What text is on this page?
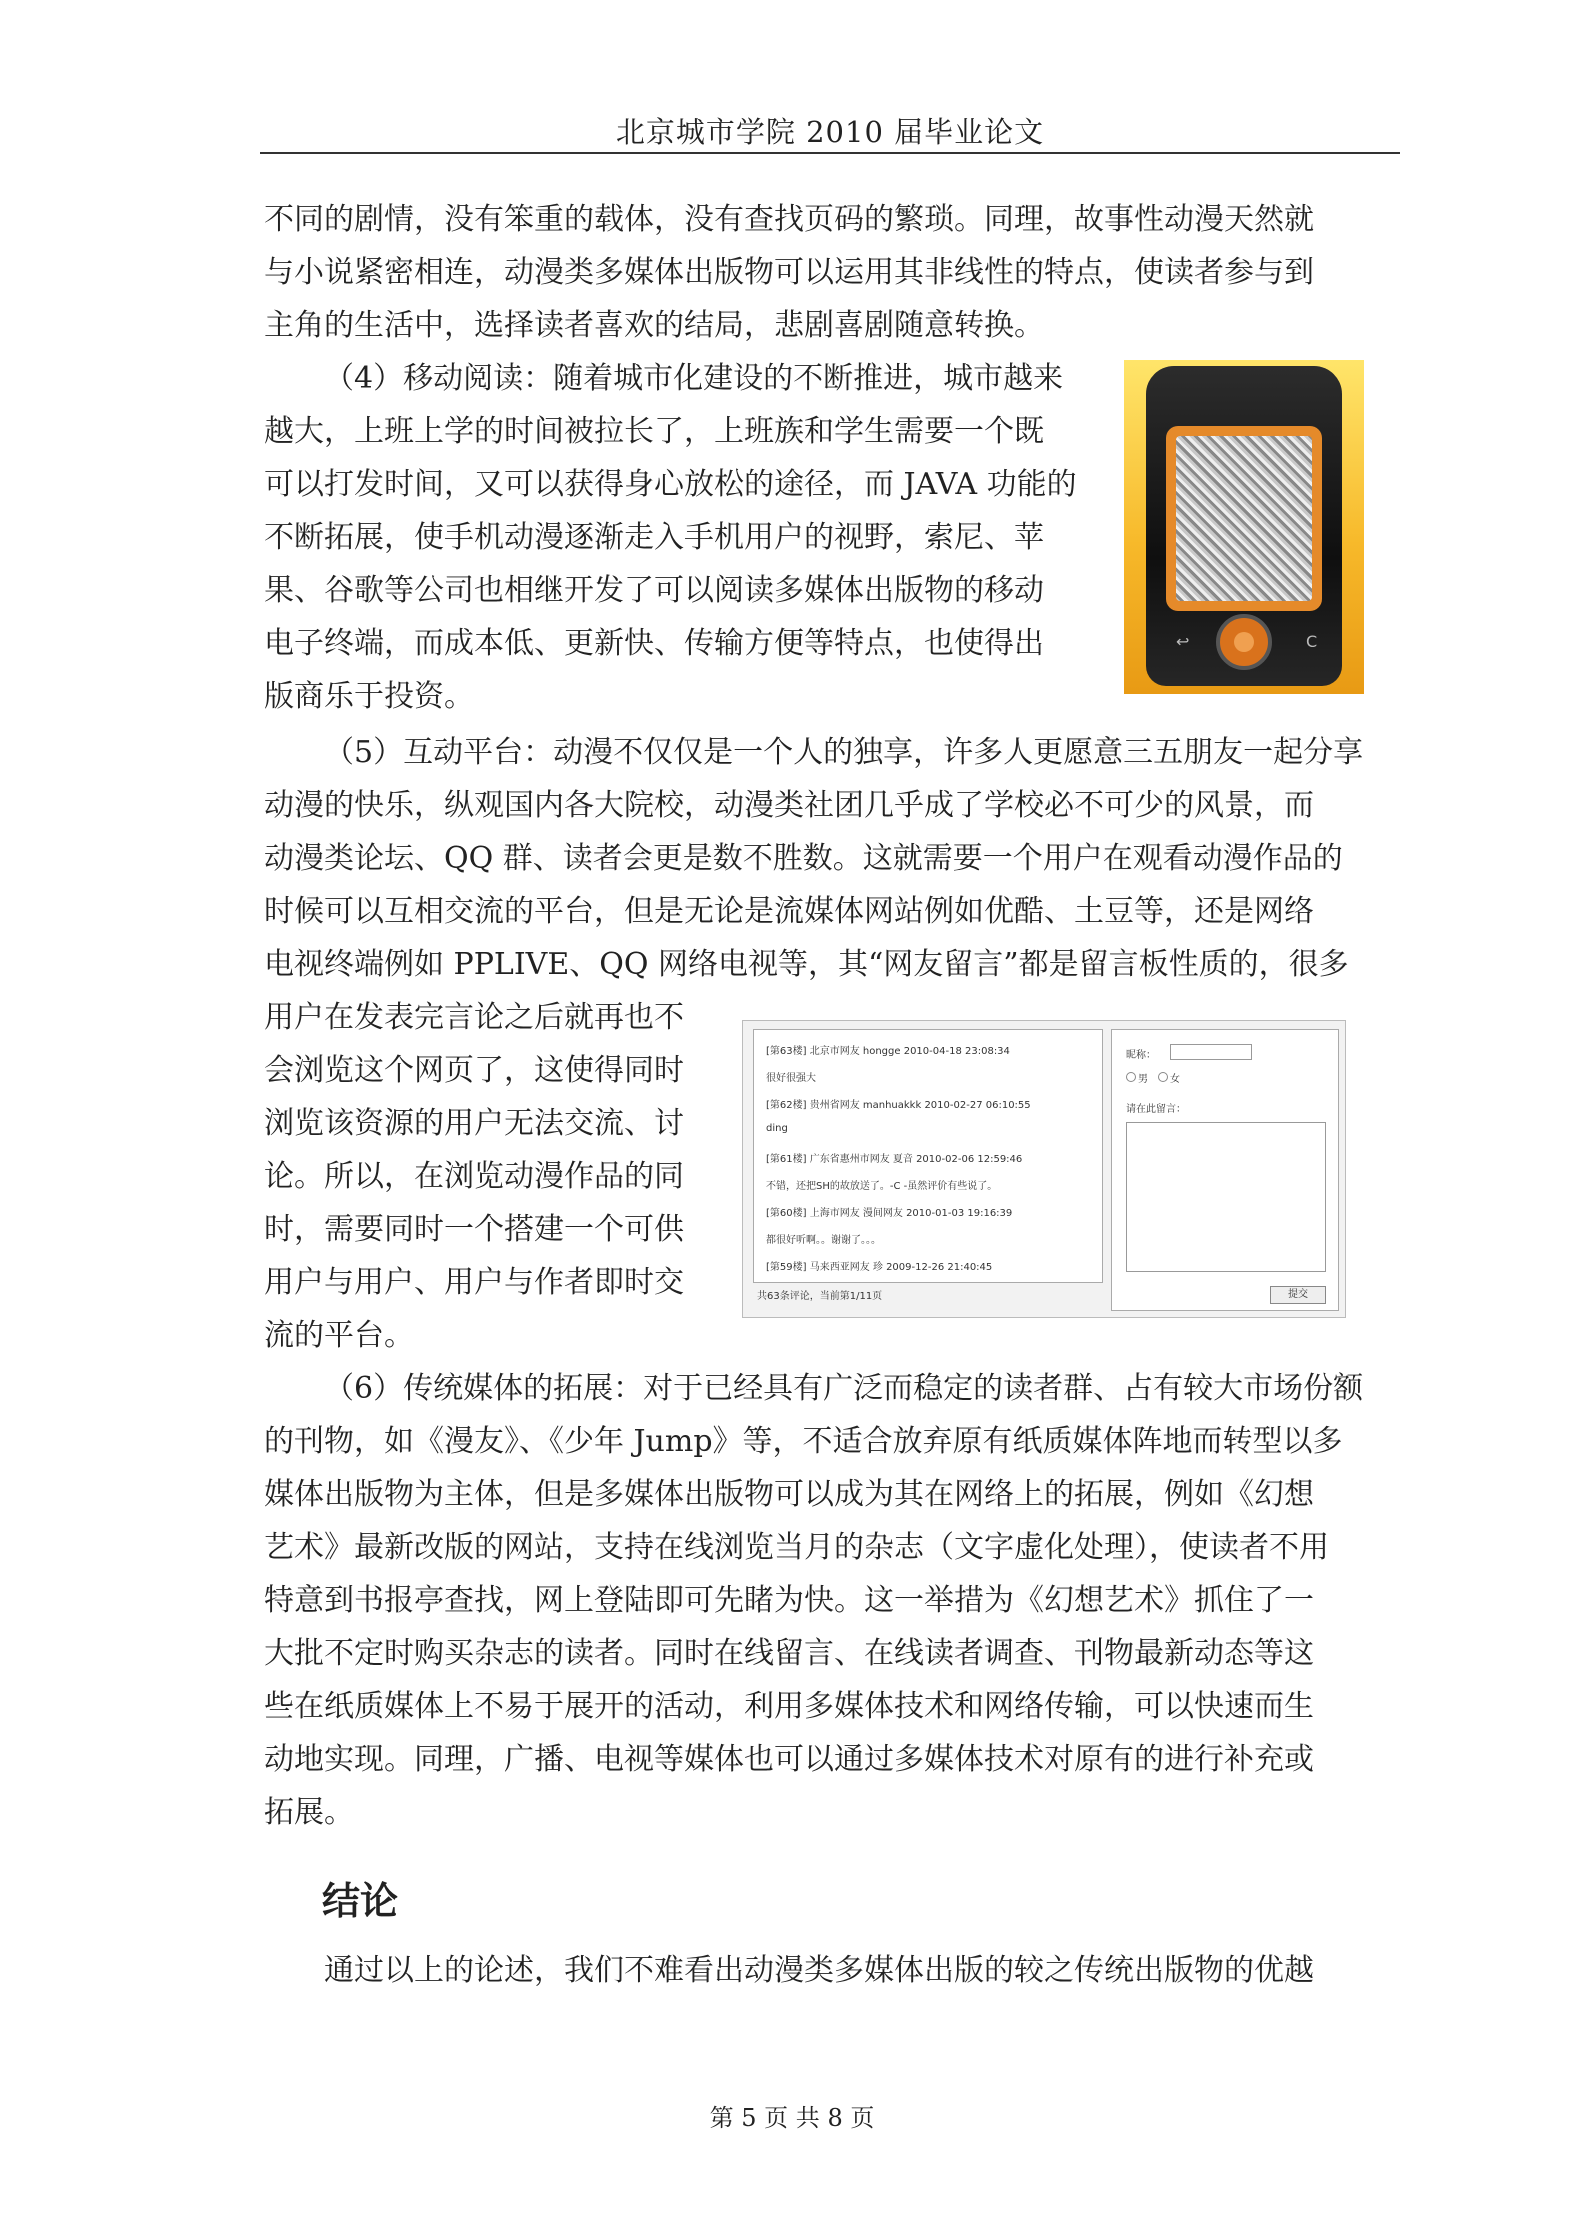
北京城市学院 2010 届毕业论文

不同的剧情，没有笨重的载体，没有查找页码的繁琐。同理，故事性动漫天然就
与小说紧密相连，动漫类多媒体出版物可以运用其非线性的特点，使读者参与到
主角的生活中，选择读者喜欢的结局，悲剧喜剧随意转换。

（4）移动阅读：随着城市化建设的不断推进，城市越来
越大，上班上学的时间被拉长了，上班族和学生需要一个既
可以打发时间，又可以获得身心放松的途径，而 JAVA 功能的
不断拓展，使手机动漫逐渐走入手机用户的视野，索尼、苹
果、谷歌等公司也相继开发了可以阅读多媒体出版物的移动
电子终端，而成本低、更新快、传输方便等特点，也使得出
版商乐于投资。

↩	C

（5）互动平台：动漫不仅仅是一个人的独享，许多人更愿意三五朋友一起分享
动漫的快乐，纵观国内各大院校，动漫类社团几乎成了学校必不可少的风景，而
动漫类论坛、QQ 群、读者会更是数不胜数。这就需要一个用户在观看动漫作品的
时候可以互相交流的平台，但是无论是流媒体网站例如优酷、土豆等，还是网络
电视终端例如 PPLIVE、QQ 网络电视等，其“网友留言”都是留言板性质的，很多

用户在发表完言论之后就再也不
会浏览这个网页了，这使得同时
浏览该资源的用户无法交流、讨
论。所以，在浏览动漫作品的同
时，需要同时一个搭建一个可供
用户与用户、用户与作者即时交
流的平台。

[第63楼] 北京市网友 hongge 2010-04-18 23:08:34
很好很强大
[第62楼] 贵州省网友 manhuakkk 2010-02-27 06:10:55
ding
[第61楼] 广东省惠州市网友 夏音 2010-02-06 12:59:46
不错，还把SH的故放送了。-C -虽然评价有些说了。
[第60楼] 上海市网友 漫间网友 2010-01-03 19:16:39
都很好听啊。。谢谢了。。。
[第59楼] 马来西亚网友 珍 2009-12-26 21:40:45
共63条评论，当前第1/11页
昵称：
男 女
请在此留言：
提交

（6）传统媒体的拓展：对于已经具有广泛而稳定的读者群、占有较大市场份额
的刊物，如《漫友》、《少年 Jump》等，不适合放弃原有纸质媒体阵地而转型以多
媒体出版物为主体，但是多媒体出版物可以成为其在网络上的拓展，例如《幻想
艺术》最新改版的网站，支持在线浏览当月的杂志（文字虚化处理），使读者不用
特意到书报亭查找，网上登陆即可先睹为快。这一举措为《幻想艺术》抓住了一
大批不定时购买杂志的读者。同时在线留言、在线读者调查、刊物最新动态等这
些在纸质媒体上不易于展开的活动，利用多媒体技术和网络传输，可以快速而生
动地实现。同理，广播、电视等媒体也可以通过多媒体技术对原有的进行补充或
拓展。

结论

通过以上的论述，我们不难看出动漫类多媒体出版的较之传统出版物的优越

第 5 页 共 8 页
